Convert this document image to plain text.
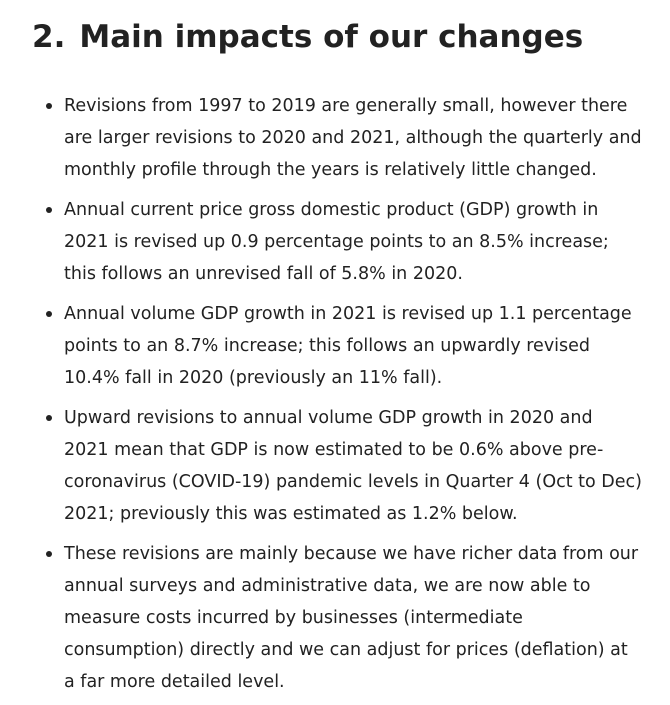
2. Main impacts of our changes
Revisions from 1997 to 2019 are generally small, however there are larger revisions to 2020 and 2021, although the quarterly and monthly profile through the years is relatively little changed.
Annual current price gross domestic product (GDP) growth in 2021 is revised up 0.9 percentage points to an 8.5% increase; this follows an unrevised fall of 5.8% in 2020.
Annual volume GDP growth in 2021 is revised up 1.1 percentage points to an 8.7% increase; this follows an upwardly revised 10.4% fall in 2020 (previously an 11% fall).
Upward revisions to annual volume GDP growth in 2020 and 2021 mean that GDP is now estimated to be 0.6% above pre-coronavirus (COVID-19) pandemic levels in Quarter 4 (Oct to Dec) 2021; previously this was estimated as 1.2% below.
These revisions are mainly because we have richer data from our annual surveys and administrative data, we are now able to measure costs incurred by businesses (intermediate consumption) directly and we can adjust for prices (deflation) at a far more detailed level.
